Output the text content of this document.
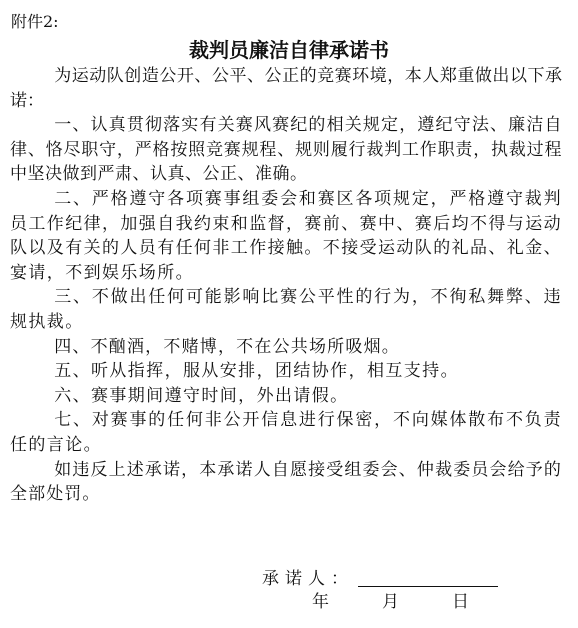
附件2:
裁判员廉洁自律承诺书

为运动队创造公开、公平、公正的竞赛环境，本人郑重做出以下承诺：

一、认真贯彻落实有关赛风赛纪的相关规定，遵纪守法、廉洁自律、恪尽职守，严格按照竞赛规程、规则履行裁判工作职责，执裁过程中坚决做到严肃、认真、公正、准确。

二、严格遵守各项赛事组委会和赛区各项规定，严格遵守裁判员工作纪律，加强自我约束和监督，赛前、赛中、赛后均不得与运动队以及有关的人员有任何非工作接触。不接受运动队的礼品、礼金、宴请，不到娱乐场所。

三、不做出任何可能影响比赛公平性的行为，不徇私舞弊、违规执裁。

四、不酗酒，不赌博，不在公共场所吸烟。

五、听从指挥，服从安排，团结协作，相互支持。

六、赛事期间遵守时间，外出请假。

七、对赛事的任何非公开信息进行保密，不向媒体散布不负责任的言论。

如违反上述承诺，本承诺人自愿接受组委会、仲裁委员会给予的全部处罚。

承诺人：
年	月	日
